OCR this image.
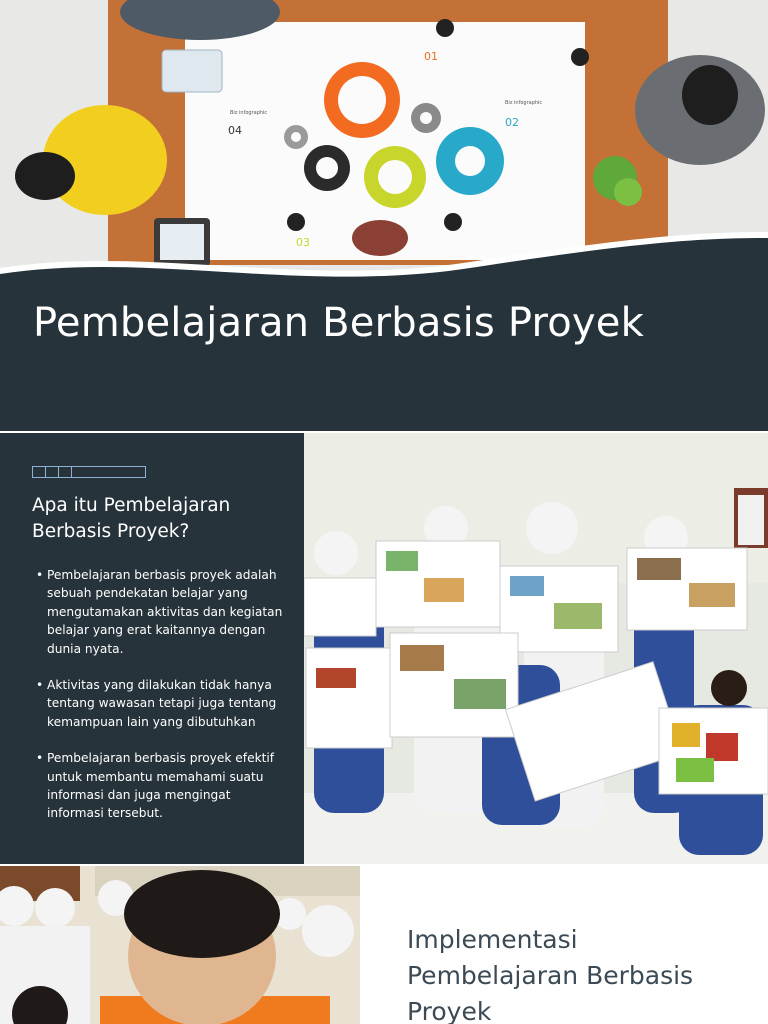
01
02
03
04
Biz infographic
Biz infographic
Pembelajaran Berbasis Proyek
Apa itu Pembelajaran Berbasis Proyek?
• Pembelajaran berbasis proyek adalah sebuah pendekatan belajar yang mengutamakan aktivitas dan kegiatan belajar yang erat kaitannya dengan dunia nyata.
• Aktivitas yang dilakukan tidak hanya tentang wawasan tetapi juga tentang kemampuan lain yang dibutuhkan
• Pembelajaran berbasis proyek efektif untuk membantu memahami suatu informasi dan juga mengingat informasi tersebut.
Implementasi Pembelajaran Berbasis Proyek
